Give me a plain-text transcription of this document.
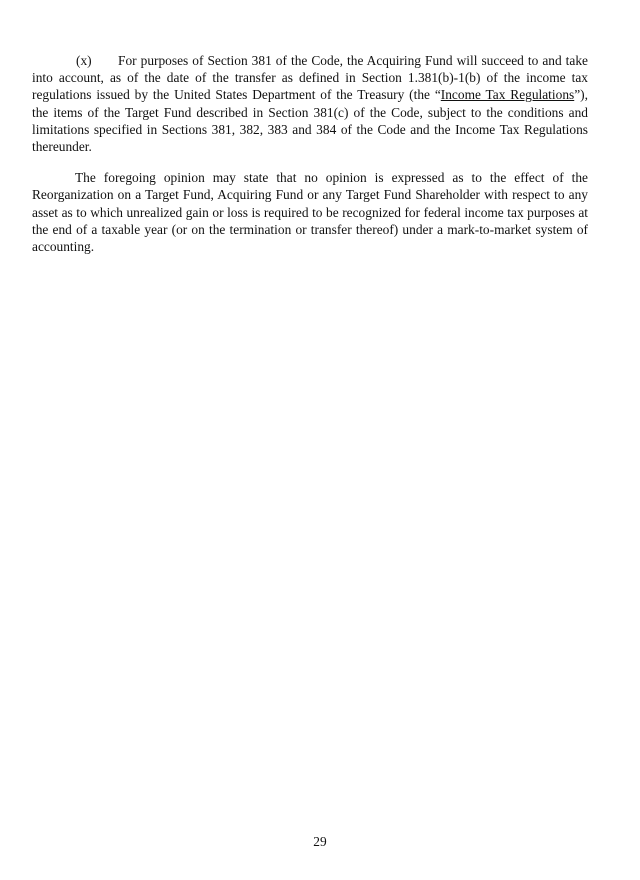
(x) For purposes of Section 381 of the Code, the Acquiring Fund will succeed to and take into account, as of the date of the transfer as defined in Section 1.381(b)-1(b) of the income tax regulations issued by the United States Department of the Treasury (the “Income Tax Regulations”), the items of the Target Fund described in Section 381(c) of the Code, subject to the conditions and limitations specified in Sections 381, 382, 383 and 384 of the Code and the Income Tax Regulations thereunder.

The foregoing opinion may state that no opinion is expressed as to the effect of the Reorganization on a Target Fund, Acquiring Fund or any Target Fund Shareholder with respect to any asset as to which unrealized gain or loss is required to be recognized for federal income tax purposes at the end of a taxable year (or on the termination or transfer thereof) under a mark-to-market system of accounting.

29
